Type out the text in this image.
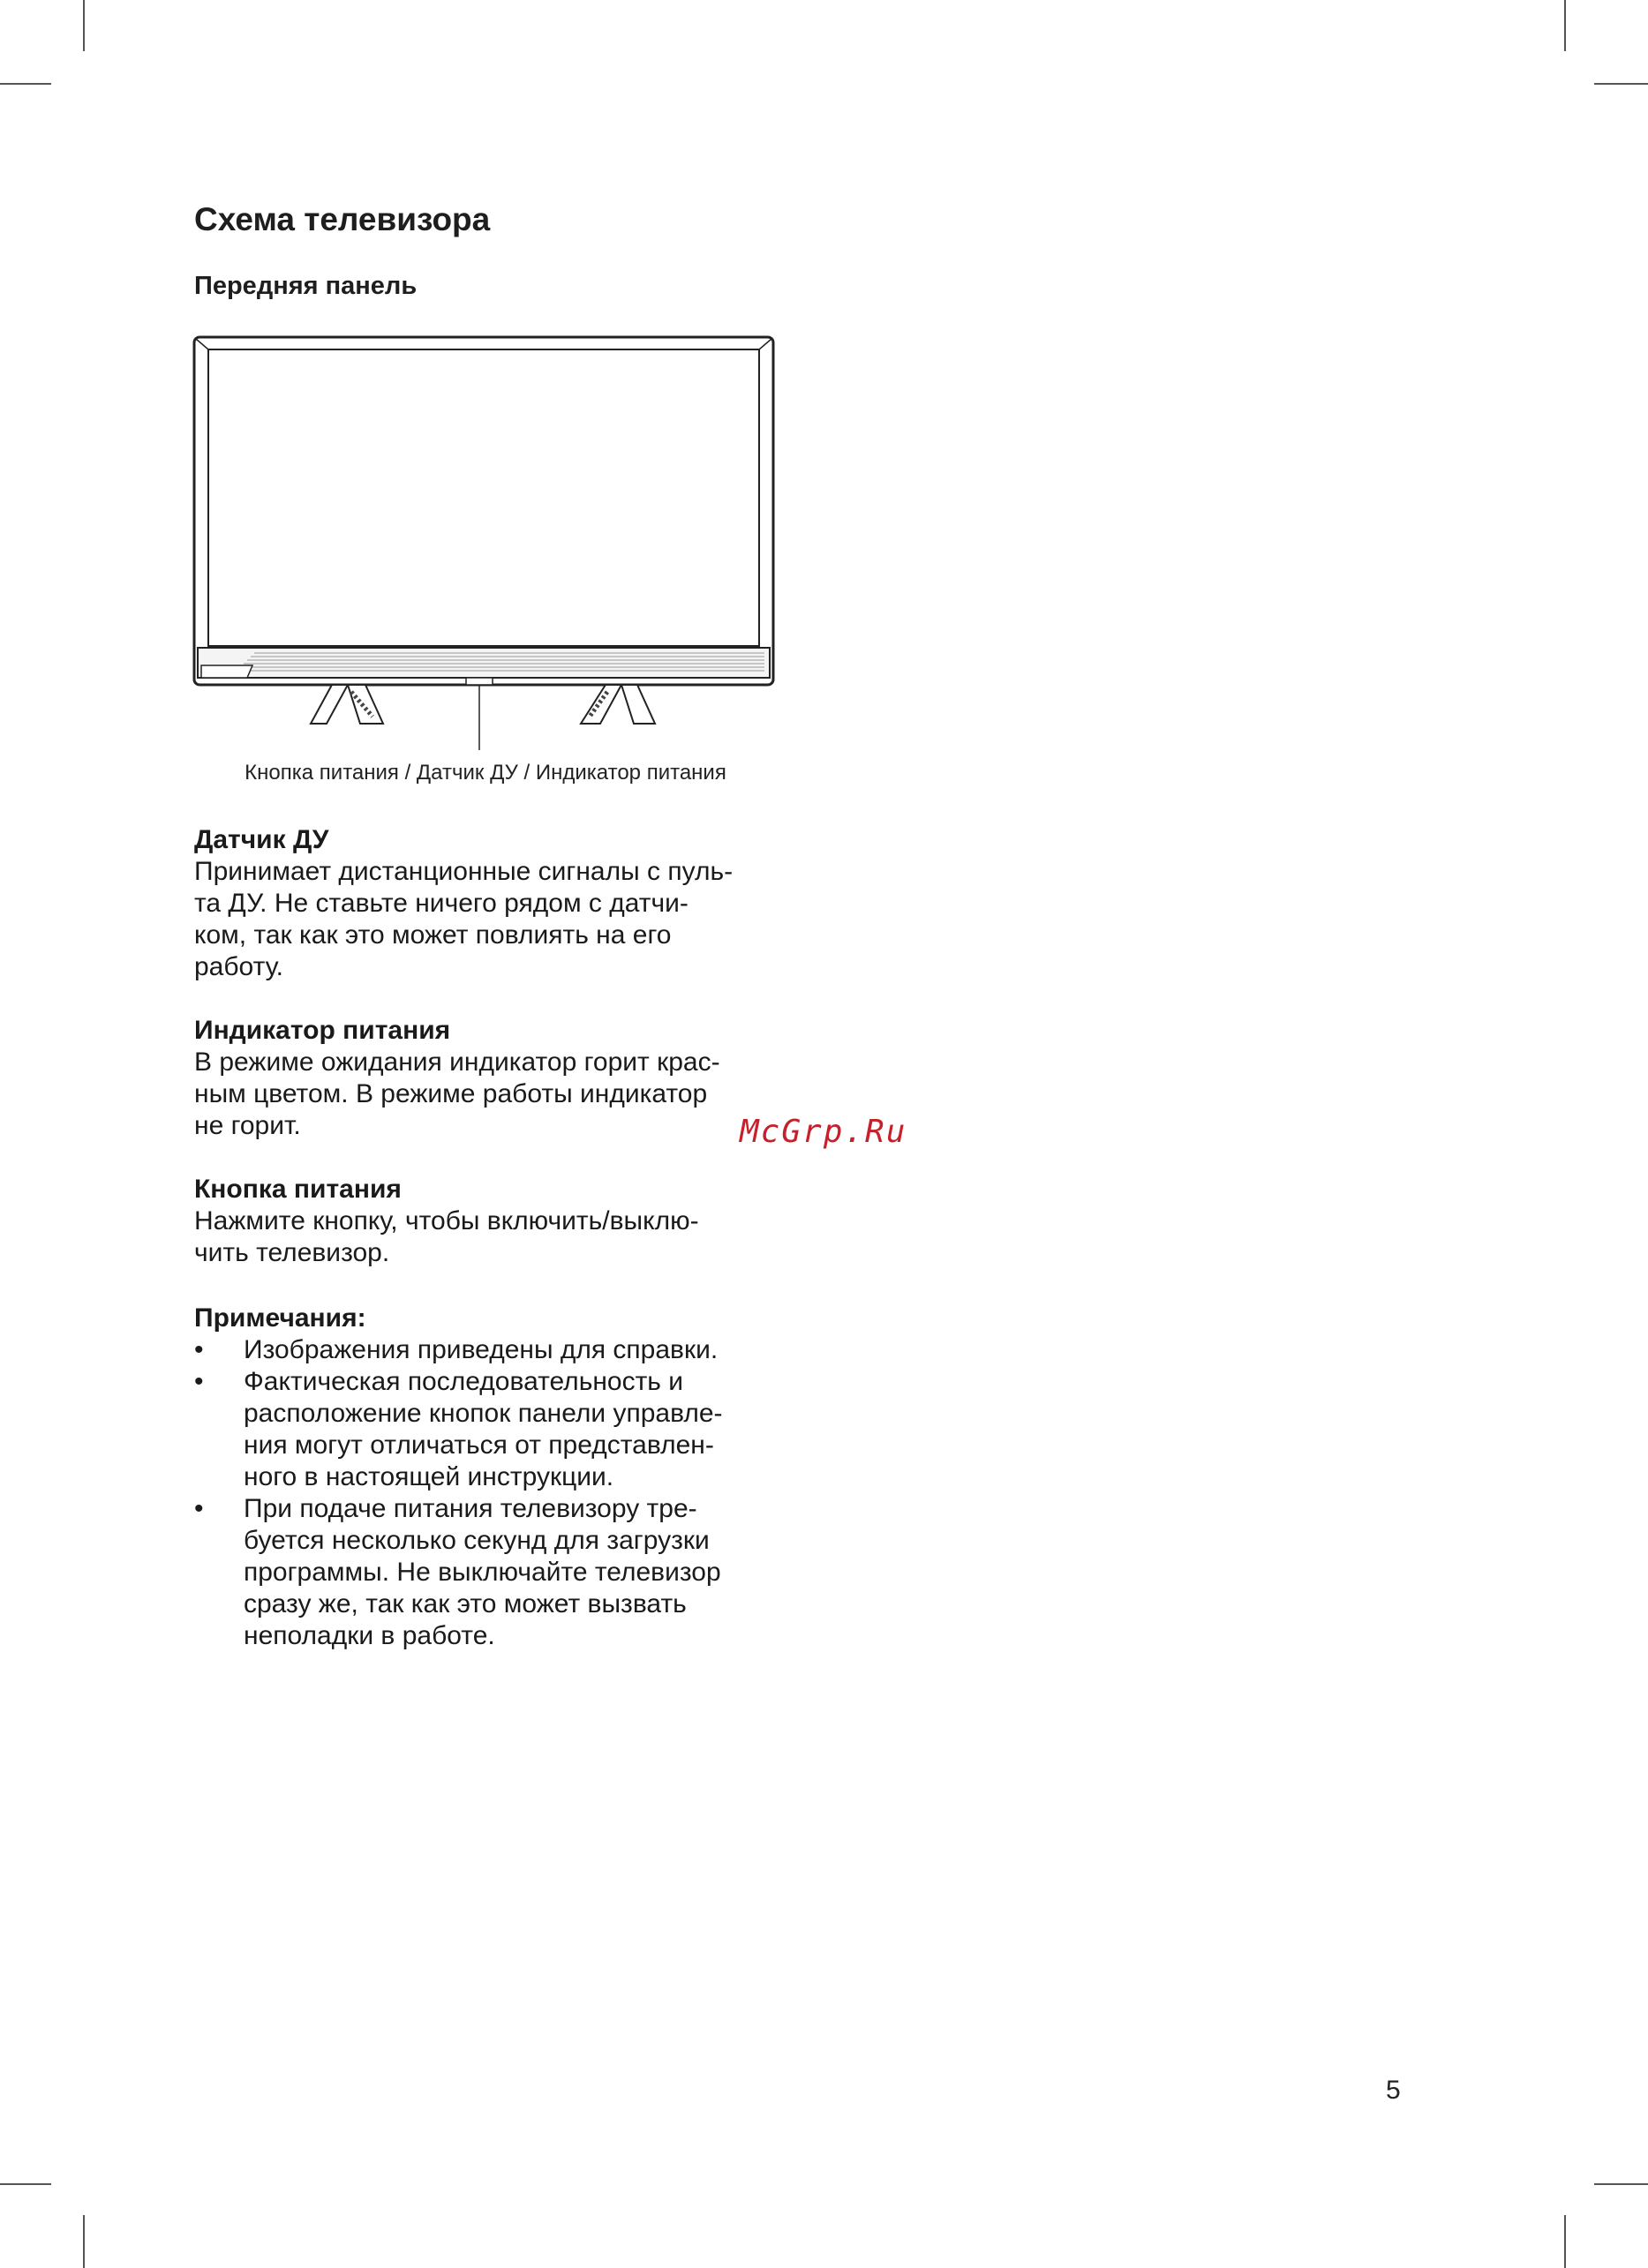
Схема телевизора
Передняя панель
Кнопка питания / Датчик ДУ / Индикатор питания
Датчик ДУ

Принимает дистанционные сигналы с пуль-

та ДУ. Не ставьте ничего рядом с датчи-

ком, так как это может повлиять на его

работу.

Индикатор питания

В режиме ожидания индикатор горит крас-

ным цветом. В режиме работы индикатор

не горит.

Кнопка питания

Нажмите кнопку, чтобы включить/выклю-

чить телевизор.

Примечания:
• Изображения приведены для справки.
• Фактическая последовательность и
расположение кнопок панели управле-
ния могут отличаться от представлен-
ного в настоящей инструкции.
• При подаче питания телевизору тре-
буется несколько секунд для загрузки
программы. Не выключайте телевизор
сразу же, так как это может вызвать
неполадки в работе.
McGrp.Ru
5
